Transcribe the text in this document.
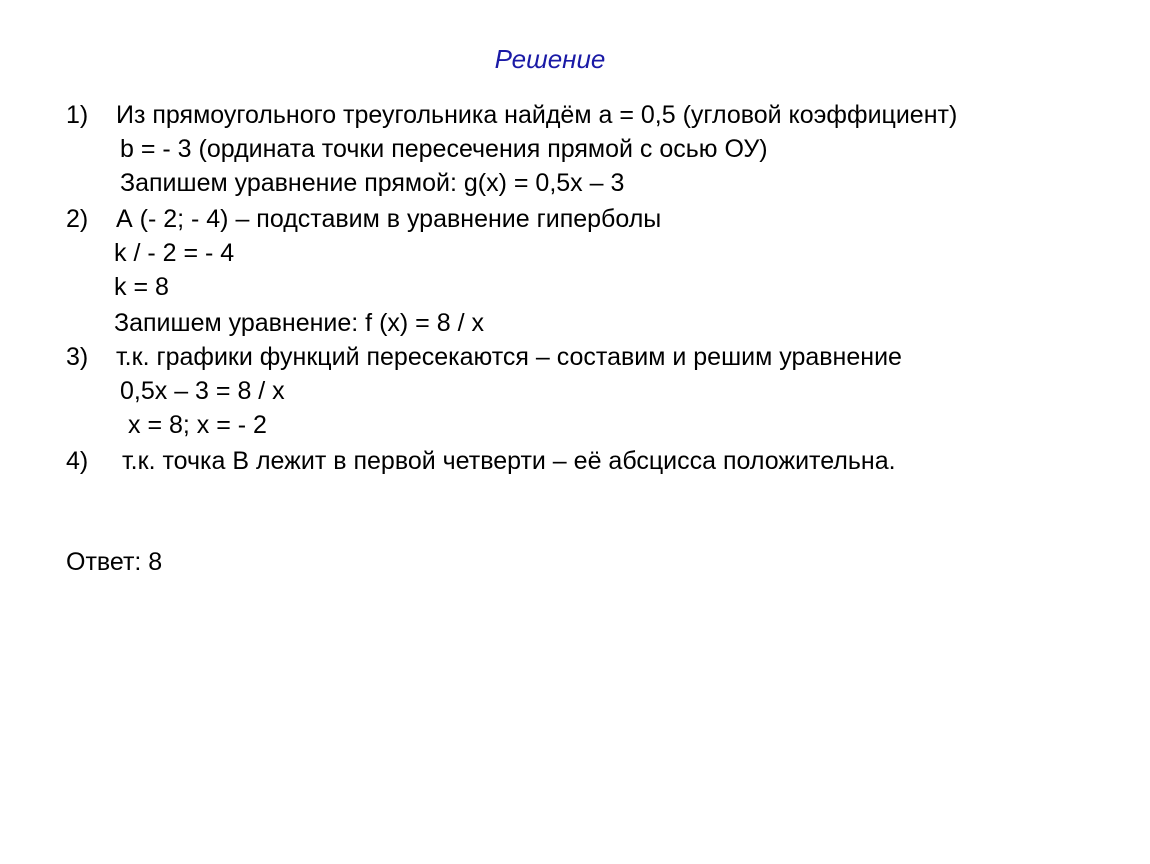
Решение
1) Из прямоугольного треугольника найдём a = 0,5 (угловой коэффициент)
b = - 3 (ордината точки пересечения прямой с осью ОУ)
Запишем уравнение прямой: g(x) = 0,5x – 3
2) А (- 2; - 4) – подставим в уравнение гиперболы
k / - 2 = - 4
k = 8
Запишем уравнение: f (x) = 8 / x
3) т.к. графики функций пересекаются – составим и решим уравнение
0,5x – 3 = 8 / x
x = 8; x = - 2
4) т.к. точка В лежит в первой четверти – её абсцисса положительна.
Ответ: 8
